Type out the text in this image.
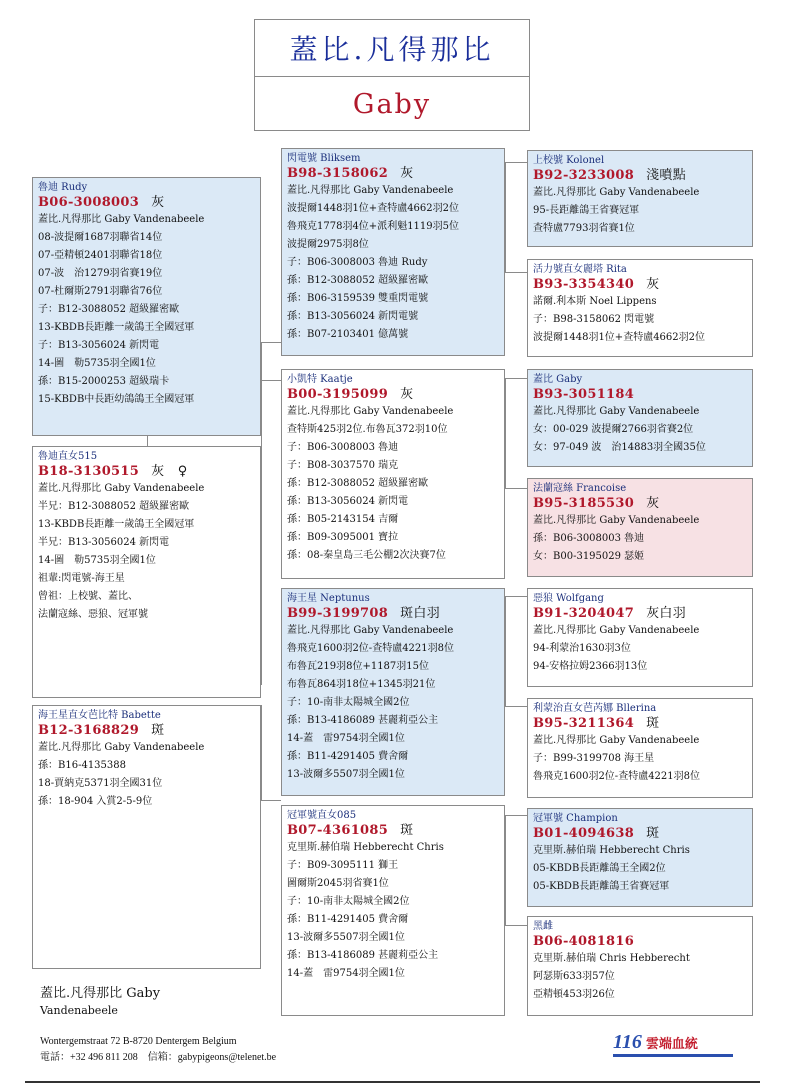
蓋比.凡得那比
Gaby
魯迪 Rudy
B06-3008003 灰
蓋比.凡得那比 Gaby Vandenabeele
08-波提爾1687羽聯省14位
07-亞精頓2401羽聯省18位
07-波　治1279羽省賽19位
07-杜爾斯2791羽聯省76位
子：B12-3088052 超級羅密歐
13-KBDB長距離一歲鴿王全國冠軍
子：B13-3056024 新閃電
14-圖　勒5735羽全國1位
孫：B15-2000253 超級瑞卡
15-KBDB中長距幼鴿鴿王全國冠軍
魯迪直女515
B18-3130515 灰　♀
蓋比.凡得那比 Gaby Vandenabeele
半兄：B12-3088052 超級羅密歐
13-KBDB長距離一歲鴿王全國冠軍
半兄：B13-3056024 新閃電
14-圖　勒5735羽全國1位
祖輩:閃電號-海王星
曾祖：上校號、蓋比、
法蘭寇絲、惡狼、冠軍號
海王星直女芭比特 Babette
B12-3168829 斑
蓋比.凡得那比 Gaby Vandenabeele
孫：B16-4135388
18-賈納克5371羽全國31位
孫：18-904 入賞2-5-9位
閃電號 Bliksem
B98-3158062 灰
蓋比.凡得那比 Gaby Vandenabeele
波提爾1448羽1位+查特盧4662羽2位
魯飛克1778羽4位+派利魁1119羽5位
波提爾2975羽8位
子：B06-3008003 魯迪 Rudy
孫：B12-3088052 超級羅密歐
孫：B06-3159539 雙重閃電號
孫：B13-3056024 新閃電號
孫：B07-2103401 億萬號
小凱特 Kaatje
B00-3195099 灰
蓋比.凡得那比 Gaby Vandenabeele
查特斯425羽2位.布魯瓦372羽10位
子：B06-3008003 魯迪
子：B08-3037570 瑞克
孫：B12-3088052 超級羅密歐
孫：B13-3056024 新閃電
孫：B05-2143154 吉爾
孫：B09-3095001 寶拉
孫：08-秦皇島三毛公棚2次決賽7位
海王星 Neptunus
B99-3199708 斑白羽
蓋比.凡得那比 Gaby Vandenabeele
魯飛克1600羽2位-查特盧4221羽8位
布魯瓦219羽8位+1187羽15位
布魯瓦864羽18位+1345羽21位
子：10-南非太陽城全國2位
孫：B13-4186089 甚麗莉亞公主
14-蓋　雷9754羽全國1位
孫：B11-4291405 費舍爾
13-波爾多5507羽全國1位
冠軍號直女085
B07-4361085 斑
克里斯.赫伯瑞 Hebberecht Chris
子：B09-3095111 獅王
圖爾斯2045羽省賽1位
子：10-南非太陽城全國2位
孫：B11-4291405 費舍爾
13-波爾多5507羽全國1位
孫：B13-4186089 甚麗莉亞公主
14-蓋　雷9754羽全國1位
上校號 Kolonel
B92-3233008 淺噴點
蓋比.凡得那比 Gaby Vandenabeele
95-長距離鴿王省賽冠軍
查特盧7793羽省賽1位
活力號直女麗塔 Rita
B93-3354340 灰
諾爾.利本斯 Noel Lippens
子：B98-3158062 閃電號
波提爾1448羽1位+查特盧4662羽2位
蓋比 Gaby
B93-3051184
蓋比.凡得那比 Gaby Vandenabeele
女：00-029 波提爾2766羽省賽2位
女：97-049 波　治14883羽全國35位
法蘭寇絲 Francoise
B95-3185530 灰
蓋比.凡得那比 Gaby Vandenabeele
孫：B06-3008003 魯迪
女：B00-3195029 瑟姬
惡狼 Wolfgang
B91-3204047 灰白羽
蓋比.凡得那比 Gaby Vandenabeele
94-利蒙治1630羽3位
94-安格拉姆2366羽13位
利蒙治直女芭芮娜 Bllerina
B95-3211364 斑
蓋比.凡得那比 Gaby Vandenabeele
子：B99-3199708 海王星
魯飛克1600羽2位-查特盧4221羽8位
冠軍號 Champion
B01-4094638 斑
克里斯.赫伯瑞 Hebberecht Chris
05-KBDB長距離鴿王全國2位
05-KBDB長距離鴿王省賽冠軍
黑雌
B06-4081816
克里斯.赫伯瑞 Chris Hebberecht
阿瑟斯633羽57位
亞精頓453羽26位
蓋比.凡得那比 Gaby
Vandenabeele
Wontergemstraat 72 B-8720 Dentergem Belgium
電話：+32 496 811 208　信箱：gabypigeons@telenet.be
116 雲端血統
